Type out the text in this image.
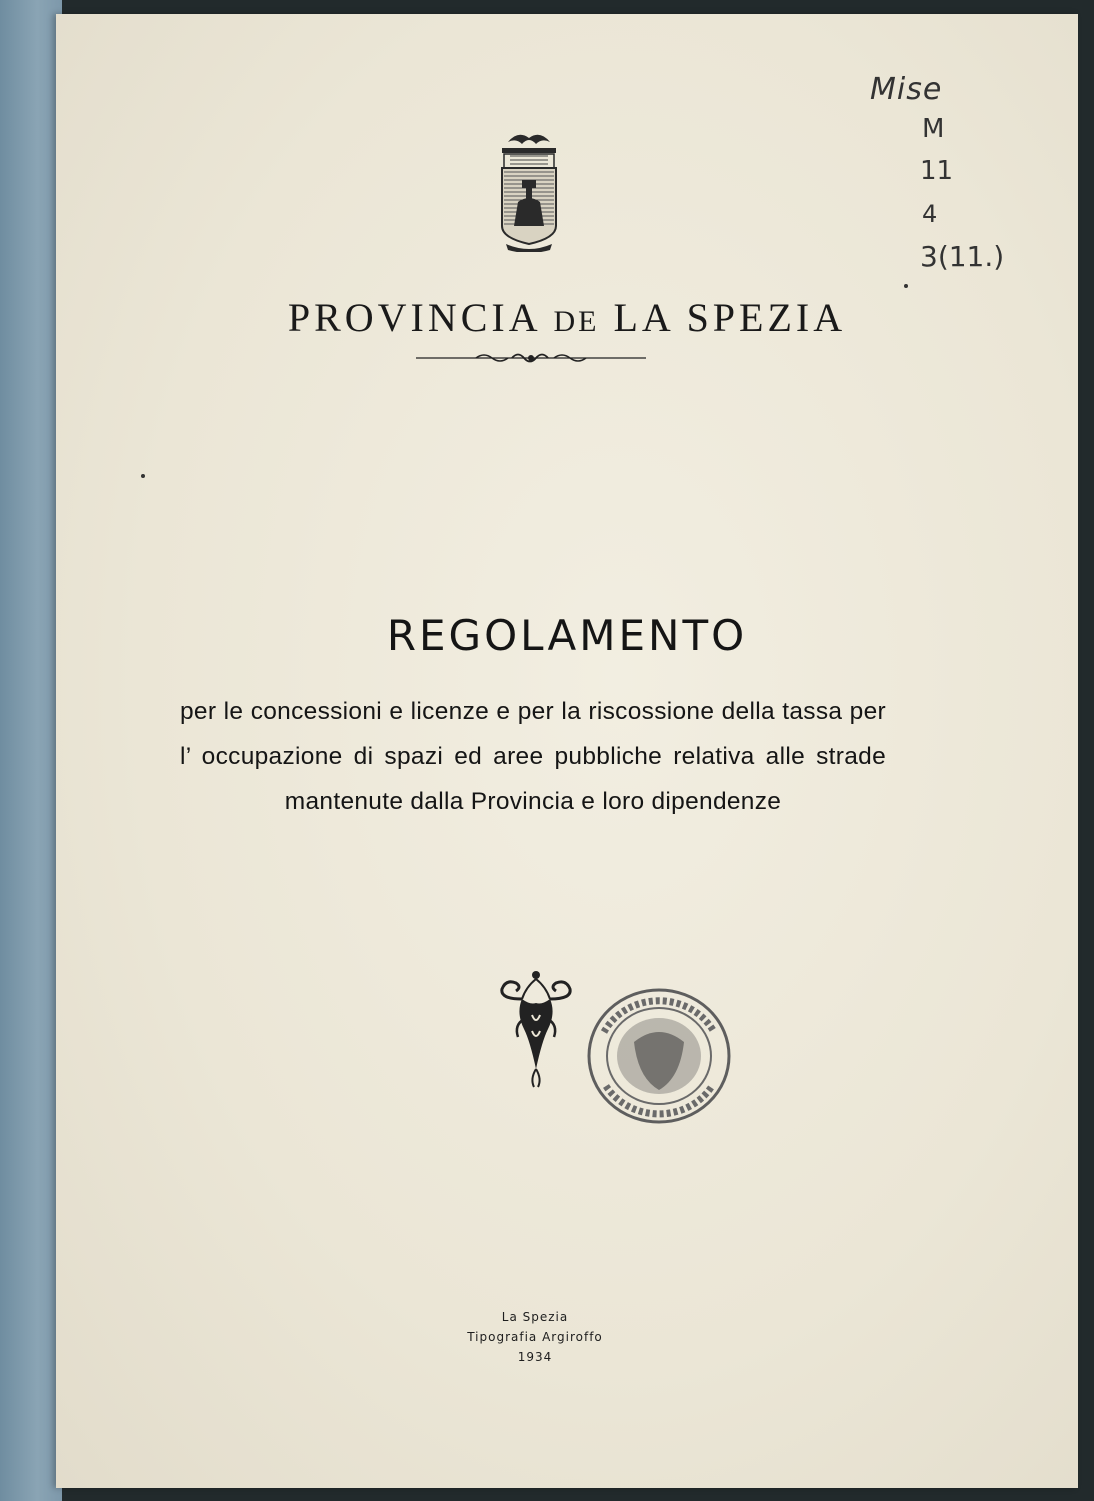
Mise
M
11
4
3(11.)
PROVINCIA DE LA SPEZIA
REGOLAMENTO
per le concessioni e licenze e per la riscossione della tassa per l’ occupazione di spazi ed aree pubbliche relativa alle strade mantenute dalla Provincia e loro dipendenze
La Spezia
Tipografia Argiroffo
1934
